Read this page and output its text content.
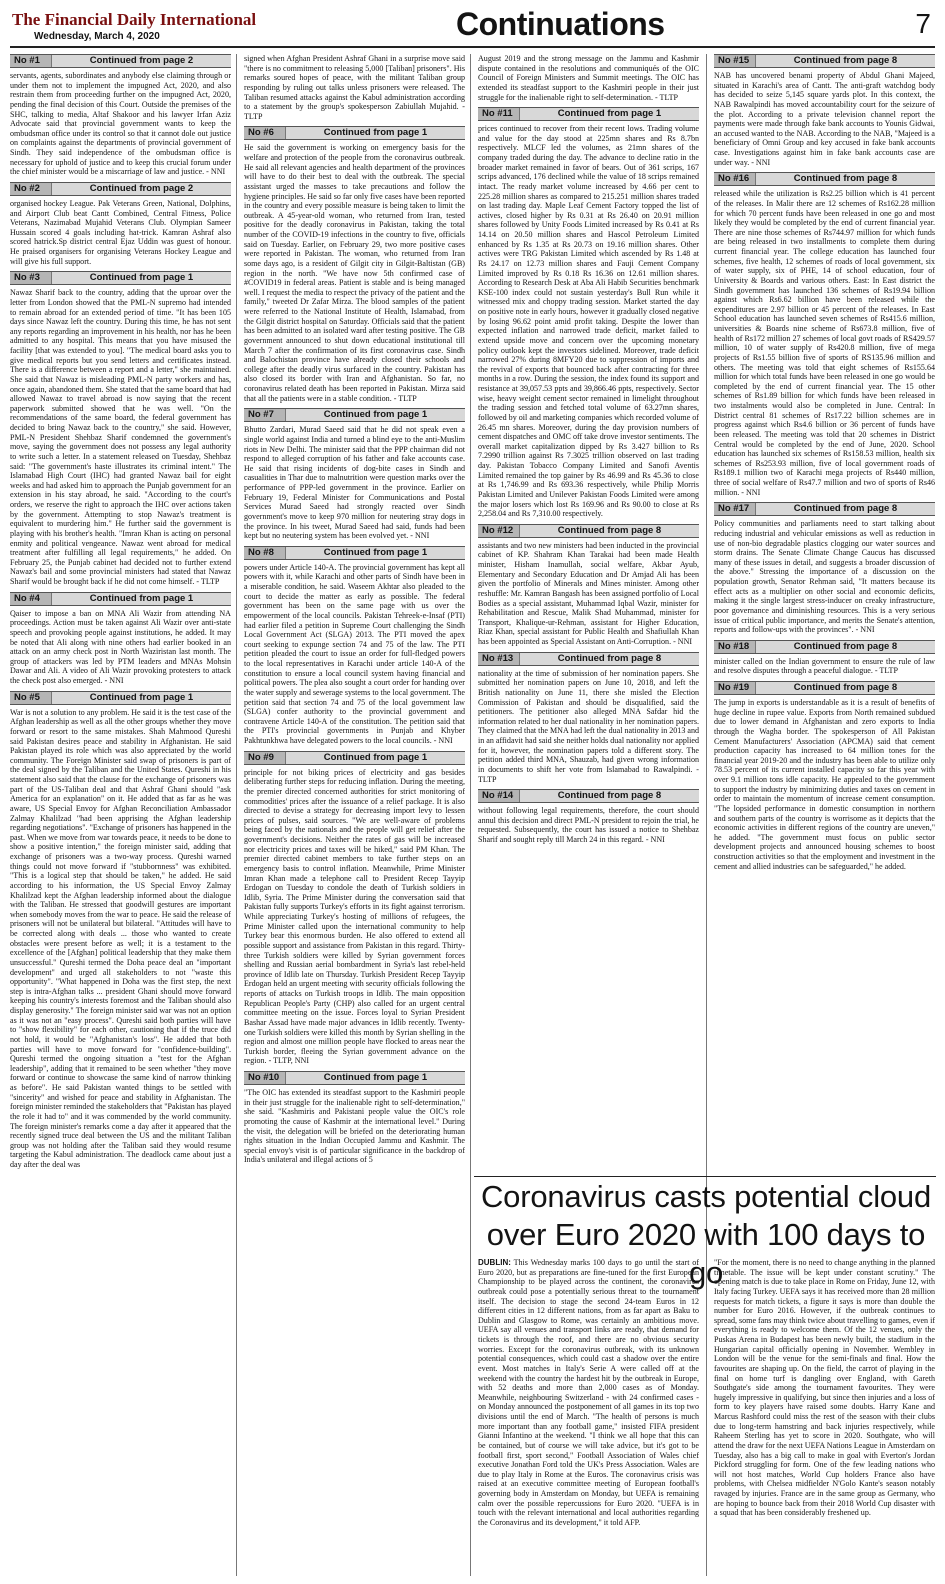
The Financial Daily International
Wednesday, March 4, 2020	Continuations	7
No #1	Continued from page 2

servants, agents, subordinates and anybody else claiming through or under them not to implement the impugned Act, 2020, and also restrain them from proceeding further on the impugned Act, 2020, pending the final decision of this Court. Outside the premises of the SHC, talking to media, Altaf Shakoor and his lawyer Irfan Aziz Advocate said that provincial government wants to keep the ombudsman office under its control so that it cannot dole out justice on complaints against the departments of provincial government of Sindh. They said independence of the ombudsman office is necessary for uphold of justice and to keep this crucial forum under the chief minister would be a miscarriage of law and justice. - NNI

No #2	Continued from page 2

organised hockey League. Pak Veterans Green, National, Dolphins, and Airport Club beat Cantt Combined, Central Fitness, Police Veterans, Nazimabad Mujahid Veterans Club. Olympian Sameer Hussain scored 4 goals including hat-trick. Kamran Ashraf also scored hatrick.Sp district central Ejaz Uddin was guest of honour. He praised organisers for organising Veterans Hockey League and will give his full support.

No #3	Continued from page 1

Nawaz Sharif back to the country, adding that the uproar over the letter from London showed that the PML-N supremo had intended to remain abroad for an extended period of time. "It has been 105 days since Nawaz left the country. During this time, he has not sent any reports regarding an improvement in his health, nor has he been admitted to any hospital. This means that you have misused the facility [that was extended to you]. "The medical board asks you to give medical reports but you send letters and certificates instead. There is a difference between a report and a letter," she maintained. She said that Nawaz is misleading PML-N party workers and has, once again, abandoned them. She stated that the same board that had allowed Nawaz to travel abroad is now saying that the recent paperwork submitted showed that he was well. "On the recommendations of the same board, the federal government has decided to bring Nawaz back to the country," she said. However, PML-N President Shehbaz Sharif condemned the government's move, saying the government does not possess any legal authority to write such a letter. In a statement released on Tuesday, Shehbaz said: "The government's haste illustrates its criminal intent." The Islamabad High Court (IHC) had granted Nawaz bail for eight weeks and had asked him to approach the Punjab government for an extension in his stay abroad, he said. "According to the court's orders, we reserve the right to approach the IHC over actions taken by the government. Attempting to stop Nawaz's treatment is equivalent to murdering him." He further said the government is playing with his brother's health. "Imran Khan is acting on personal enmity and political vengeance. Nawaz went abroad for medical treatment after fulfilling all legal requirements," he added. On February 25, the Punjab cabinet had decided not to further extend Nawaz's bail and some provincial ministers had stated that Nawaz Sharif would be brought back if he did not come himself. - TLTP

No #4	Continued from page 1

Qaiser to impose a ban on MNA Ali Wazir from attending NA proceedings. Action must be taken against Ali Wazir over anti-state speech and provoking people against institutions, he added. It may be noted that Ali along with nine others had earlier booked in an attack on an army check post in North Waziristan last month. The group of attackers was led by PTM leaders and MNAs Mohsin Dawar and Ali. A video of Ali Wazir provoking protesters to attack the check post also emerged. - NNI

No #5	Continued from page 1

War is not a solution to any problem. He said it is the test case of the Afghan leadership as well as all the other groups whether they move forward or resort to the same mistakes. Shah Mahmood Qureshi said Pakistan desires peace and stability in Afghanistan. He said Pakistan played its role which was also appreciated by the world community. The Foreign Minister said swap of prisoners is part of the deal signed by the Taliban and the United States. Qureshi in his statement also said that the clause for the exchange of prisoners was part of the US-Taliban deal and that Ashraf Ghani should "ask America for an explanation" on it. He added that as far as he was aware, US Special Envoy for Afghan Reconciliation Ambassador Zalmay Khalilzad "had been apprising the Afghan leadership regarding negotiations". "Exchange of prisoners has happened in the past. When we move from war towards peace, it needs to be done to show a positive intention," the foreign minister said, adding that exchange of prisoners was a two-way process. Qureshi warned things could not move forward if "stubbornness" was exhibited. "This is a logical step that should be taken," he added. He said according to his information, the US Special Envoy Zalmay Khalilzad kept the Afghan leadership informed about the dialogue with the Taliban. He stressed that goodwill gestures are important when somebody moves from the war to peace. He said the release of prisoners will not be unilateral but bilateral. "Attitudes will have to be corrected along with deals ... those who wanted to create obstacles were present before as well; it is a testament to the excellence of the [Afghan] political leadership that they make them unsuccessful." Qureshi termed the Doha peace deal an "important development" and urged all stakeholders to not "waste this opportunity". "What happened in Doha was the first step, the next step is intra-Afghan talks ... president Ghani should move forward keeping his country's interests foremost and the Taliban should also display generosity." The foreign minister said war was not an option as it was not an "easy process". Qureshi said both parties will have to "show flexibility" for each other, cautioning that if the truce did not hold, it would be "Afghanistan's loss". He added that both parties will have to move forward for "confidence-building". Qureshi termed the ongoing situation a "test for the Afghan leadership", adding that it remained to be seen whether "they move forward or continue to showcase the same kind of narrow thinking as before". He said Pakistan wanted things to be settled with "sincerity" and wished for peace and stability in Afghanistan. The foreign minister reminded the stakeholders that "Pakistan has played the role it had to" and it was commended by the world community. The foreign minister's remarks come a day after it appeared that the recently signed truce deal between the US and the militant Taliban group was not holding after the Taliban said they would resume targeting the Kabul administration. The deadlock came about just a day after the deal was

signed when Afghan President Ashraf Ghani in a surprise move said "there is no commitment to releasing 5,000 [Taliban] prisoners". His remarks soured hopes of peace, with the militant Taliban group responding by ruling out talks unless prisoners were released. The Taliban resumed attacks against the Kabul administration according to a statement by the group's spokesperson Zabiullah Mujahid. - TLTP

No #6	Continued from page 1

He said the government is working on emergency basis for the welfare and protection of the people from the coronavirus outbreak. He said all relevant agencies and health department of the provinces will have to do their best to deal with the outbreak. The special assistant urged the masses to take precautions and follow the hygiene principles. He said so far only five cases have been reported in the country and every possible measure is being taken to limit the outbreak. A 45-year-old woman, who returned from Iran, tested positive for the deadly coronavirus in Pakistan, taking the total number of the COVID-19 infections in the country to five, officials said on Tuesday. Earlier, on February 29, two more positive cases were reported in Pakistan. The woman, who returned from Iran some days ago, is a resident of Gilgit city in Gilgit-Baltistan (GB) region in the north. "We have now 5th confirmed case of #COVID19 in federal areas. Patient is stable and is being managed well. I request the media to respect the privacy of the patient and the family," tweeted Dr Zafar Mirza. The blood samples of the patient were referred to the National Institute of Health, Islamabad, from the Gilgit district hospital on Saturday. Officials said that the patient has been admitted to an isolated ward after testing positive. The GB government announced to shut down educational institutional till March 7 after the confirmation of its first coronavirus case. Sindh and Balochistan province have already closed their schools and college after the deadly virus surfaced in the country. Pakistan has also closed its border with Iran and Afghanistan. So far, no coronavirus related death has been reported in Pakistan. Mirza said that all the patients were in a stable condition. - TLTP

No #7	Continued from page 1

Bhutto Zardari, Murad Saeed said that he did not speak even a single world against India and turned a blind eye to the anti-Muslim riots in New Delhi. The minister said that the PPP chairman did not respond to alleged corruption of his father and fake accounts case. He said that rising incidents of dog-bite cases in Sindh and casualities in Thar due to malnutrition were question marks over the performance of PPP-led government in the province. Earlier on February 19, Federal Minister for Communications and Postal Services Murad Saeed had strongly reacted over Sindh government's move to keep 970 million for neutering stray dogs in the province. In his tweet, Murad Saeed had said, funds had been kept but no neutering system has been evolved yet. - NNI

No #8	Continued from page 1

powers under Article 140-A. The provincial government has kept all powers with it, while Karachi and other parts of Sindh have been in a miserable condition, he said. Waseem Akhtar also pleaded to the court to decide the matter as early as possible. The federal government has been on the same page with us over the empowerment of the local councils. Pakistan Tehreek-e-Insaf (PTI) had earlier filed a petition in Supreme Court challenging the Sindh Local Government Act (SLGA) 2013. The PTI moved the apex court seeking to expunge section 74 and 75 of the law. The PTI petition pleaded the court to issue an order for full-fledged powers to the local representatives in Karachi under article 140-A of the constitution to ensure a local council system having financial and political powers. The plea also sought a court order for handing over the water supply and sewerage systems to the local government. The petition said that section 74 and 75 of the local government law (SLGA) confer authority to the provincial government and contravene Article 140-A of the constitution. The petition said that the PTI's provincial governments in Punjab and Khyber Pakhtunkhwa have delegated powers to the local councils. - NNI

No #9	Continued from page 1

principle for not biking prices of electricity and gas besides deliberating further steps for reducing inflation. During the meeting, the premier directed concerned authorities for strict monitoring of commodities' prices after the issuance of a relief package. It is also directed to devise a strategy for decreasing import levy to lessen prices of pulses, said sources. "We are well-aware of problems being faced by the nationals and the people will get relief after the government's decisions. Neither the rates of gas will be increased nor electricity prices and taxes will be hiked," said PM Khan. The premier directed cabinet members to take further steps on an emergency basis to control inflation. Meanwhile, Prime Minister Imran Khan made a telephone call to President Recep Tayyip Erdogan on Tuesday to condole the death of Turkish soldiers in Idlib, Syria. The Prime Minister during the conversation said that Pakistan fully supports Turkey's efforts in its fight against terrorism. While appreciating Turkey's hosting of millions of refugees, the Prime Minister called upon the international community to help Turkey bear this enormous burden. He also offered to extend all possible support and assistance from Pakistan in this regard. Thirty-three Turkish soldiers were killed by Syrian government forces shelling and Russian aerial bombardment in Syria's last rebel-held province of Idlib late on Thursday. Turkish President Recep Tayyip Erdogan held an urgent meeting with security officials following the reports of attacks on Turkish troops in Idlib. The main opposition Republican People's Party (CHP) also called for an urgent central committee meeting on the issue. Forces loyal to Syrian President Bashar Assad have made major advances in Idlib recently. Twenty-one Turkish soldiers were killed this month by Syrian shelling in the region and almost one million people have flocked to areas near the Turkish border, fleeing the Syrian government advance on the region. - TLTP, NNI

No #10	Continued from page 1

"The OIC has extended its steadfast support to the Kashmiri people in their just struggle for the inalienable right to self-determination," she said. "Kashmiris and Pakistani people value the OIC's role promoting the cause of Kashmir at the international level." During the visit, the delegation will be briefed on the deteriorating human rights situation in the Indian Occupied Jammu and Kashmir. The special envoy's visit is of particular significance in the backdrop of India's unilateral and illegal actions of 5

August 2019 and the strong message on the Jammu and Kashmir dispute contained in the resolutions and communiqués of the OIC Council of Foreign Ministers and Summit meetings. The OIC has extended its steadfast support to the Kashmiri people in their just struggle for the inalienable right to self-determination. - TLTP

No #11	Continued from page 1

prices continued to recover from their recent lows. Trading volume and value for the day stood at 225mn shares and Rs 8.7bn respectively. MLCF led the volumes, as 21mn shares of the company traded during the day. The advance to decline ratio in the broader market remained in favor of bears. Out of 361 scrips, 167 scrips advanced, 176 declined while the value of 18 scrips remained intact. The ready market volume increased by 4.66 per cent to 225.28 million shares as compared to 215.251 million shares traded on last trading day. Maple Leaf Cement Factory topped the list of actives, closed higher by Rs 0.31 at Rs 26.40 on 20.91 million shares followed by Unity Foods Limited increased by Rs 0.41 at Rs 14.14 on 20.50 million shares and Hascol Petroleum Limited enhanced by Rs 1.35 at Rs 20.73 on 19.16 million shares. Other actives were TRG Pakistan Limited which ascended by Rs 1.48 at Rs 24.17 on 12.73 million shares and Fauji Cement Company Limited improved by Rs 0.18 Rs 16.36 on 12.61 million shares. According to Research Desk at Aba Ali Habib Securities benchmark KSE-100 index could not sustain yesterday's Bull Run while it witnessed mix and choppy trading session. Market started the day on positive note in early hours, however it gradually closed negative by losing 96.62 point amid profit taking. Despite the lower than expected inflation and narrowed trade deficit, market failed to extend upside move and concern over the upcoming monetary policy outlook kept the investors sidelined. Moreover, trade deficit narrowed 27% during 8MFY20 due to suppression of imports and the revival of exports that bounced back after contracting for three months in a row. During the session, the index found its support and resistance at 39,057.53 ppts and 39,866.46 ppts, respectively. Sector wise, heavy weight cement sector remained in limelight throughout the trading session and fetched total volume of 63.27mn shares, followed by oil and marketing companies which recorded volume of 26.45 mn shares. Moreover, during the day provision numbers of cement dispatches and OMC off take drove investor sentiments. The overall market capitalization dipped by Rs 3.427 billion to Rs 7.2990 trillion against Rs 7.3025 trillion observed on last trading day. Pakistan Tobacco Company Limited and Sanofi Aventis Limited remained the top gainer by Rs 46.99 and Rs 45.36 to close at Rs 1,746.99 and Rs 693.36 respectively, while Philip Morris Pakistan Limited and Unilever Pakistan Foods Limited were among the major losers which lost Rs 169.96 and Rs 90.00 to close at Rs 2,258.04 and Rs 7,310.00 respectively.

No #12	Continued from page 8

assistants and two new ministers had been inducted in the provincial cabinet of KP. Shahram Khan Tarakai had been made Health minister, Hisham Inamullah, social welfare, Akbar Ayub, Elementary and Secondary Education and Dr Amjad Ali has been given the portfolio of Minerals and Mines minister. Among other reshuffle: Mr. Kamran Bangash has been assigned portfolio of Local Bodies as a special assistant, Muhammad Iqbal Wazir, minister for Rehabilitation and Rescue, Malik Shad Muhammad, minister for Transport, Khalique-ur-Rehman, assistant for Higher Education, Riaz Khan, special assistant for Public Health and Shafiullah Khan has been appointed as Special Assistant on Anti-Corruption. - NNI

No #13	Continued from page 8

nationality at the time of submission of her nomination papers. She submitted her nomination papers on June 10, 2018, and left the British nationality on June 11, there she misled the Election Commission of Pakistan and should be disqualified, said the petitioners. The petitioner also alleged MNA Safdar hid the information related to her dual nationality in her nomination papers. They claimed that the MNA had left the dual nationality in 2013 and in an affidavit had said she neither holds dual nationality nor applied for it, however, the nomination papers told a different story. The petition added third MNA, Shauzab, had given wrong information in documents to shift her vote from Islamabad to Rawalpindi. - TLTP

No #14	Continued from page 8

without following legal requirements, therefore, the court should annul this decision and direct PML-N president to rejoin the trial, he requested. Subsequently, the court has issued a notice to Shehbaz Sharif and sought reply till March 24 in this regard. - NNI

No #15	Continued from page 8

NAB has uncovered benami property of Abdul Ghani Majeed, situated in Karachi's area of Cantt. The anti-graft watchdog body has decided to seize 5,145 square yards plot. In this context, the NAB Rawalpindi has moved accountability court for the seizure of the plot. According to a private television channel report the payments were made through fake bank accounts to Younis Gidwai, an accused wanted to the NAB. According to the NAB, "Majeed is a beneficiary of Omni Group and key accused in fake bank accounts case. Investigations against him in fake bank accounts case are under way. - NNI

No #16	Continued from page 8

released while the utilization is Rs2.25 billion which is 41 percent of the releases. In Malir there are 12 schemes of Rs162.28 million for which 70 percent funds have been released in one go and most likely they would be completed by the end of current financial year. There are nine those schemes of Rs744.97 million for which funds are being released in two installments to complete them during current financial year. The college education has launched four schemes, five health, 12 schemes of roads of local government, six of water supply, six of PHE, 14 of school education, four of University & Boards and various others. East: In East district the Sindh government has launched 136 schemes of Rs19.94 billion against which Rs6.62 billion have been released while the expenditures are 2.97 billion or 45 percent of the releases. In East School education has launched seven schemes of Rs415.6 million, universities & Boards nine scheme of Rs673.8 million, five of health of Rs172 million 27 schemes of local govt roads of RS429.57 million, 10 of water supply of Rs420.8 million, five of mega projects of Rs1.55 billion five of sports of RS135.96 million and others. The meeting was told that eight schemes of Rs155.64 million for which total funds have been released in one go would be completed by the end of current financial year. The 15 other schemes of Rs1.89 billion for which funds have been released in two instalments would also be completed in June. Central: In District central 81 schemes of Rs17.22 billion schemes are in progress against which Rs4.6 billion or 36 percent of funds have been released. The meeting was told that 20 schemes in District Central would be completed by the end of June, 2020. School education has launched six schemes of Rs158.53 million, health six schemes of Rs253.93 million, five of local government roads of Rs189.1 million two of Karachi mega projects of Rs440 million, three of social welfare of Rs47.7 million and two of sports of Rs46 million. - NNI

No #17	Continued from page 8

Policy communities and parliaments need to start talking about reducing industrial and vehicular emissions as well as reduction in use of non-bio degradable plastics clogging our water sources and storm drains. The Senate Climate Change Caucus has discussed many of these issues in detail, and suggests a broader discussion of the above." Stressing the importance of a discussion on the population growth, Senator Rehman said, "It matters because its effect acts as a multiplier on other social and economic deficits, making it the single largest stress-inducer on creaky infrastructure, poor governance and diminishing resources. This is a very serious issue of critical public importance, and merits the Senate's attention, reports and follow-ups with the provinces". - NNI

No #18	Continued from page 8

minister called on the Indian government to ensure the rule of law and resolve disputes through a peaceful dialogue. - TLTP

No #19	Continued from page 8

The jump in exports is understandable as it is a result of benefits of huge decline in rupee value. Exports from North remained subdued due to lower demand in Afghanistan and zero exports to India through the Wagha border. The spokesperson of All Pakistan Cement Manufacturers' Association (APCMA) said that cement production capacity has increased to 64 million tones for the financial year 2019-20 and the industry has been able to utilize only 78.53 percent of its current installed capacity so far this year with over 9.1 million tons idle capacity. He appealed to the government to support the industry by minimizing duties and taxes on cement in order to maintain the momentum of increase cement consumption. "The lopsided performance in domestic consumption in northern and southern parts of the country is worrisome as it depicts that the economic activities in different regions of the country are uneven," he added. "The government must focus on public sector development projects and announced housing schemes to boost construction activities so that the employment and investment in the cement and allied industries can be safeguarded," he added.

Coronavirus casts potential cloud over Euro 2020 with 100 days to go
DUBLIN: This Wednesday marks 100 days to go until the start of Euro 2020, but as preparations are fine-tuned for the first European Championship to be played across the continent, the coronavirus outbreak could pose a potentially serious threat to the tournament itself. The decision to stage the second 24-team Euros in 12 different cities in 12 different nations, from as far apart as Baku to Dublin and Glasgow to Rome, was certainly an ambitious move. UEFA say all venues and transport links are ready, that demand for tickets is through the roof, and there are no obvious security worries. Except for the coronavirus outbreak, with its unknown potential consequences, which could cast a shadow over the entire event. Most matches in Italy's Serie A were called off at the weekend with the country the hardest hit by the outbreak in Europe, with 52 deaths and more than 2,000 cases as of Monday. Meanwhile, neighbouring Switzerland - with 24 confirmed cases - on Monday announced the postponement of all games in its top two divisions until the end of March. "The health of persons is much more important than any football game," insisted FIFA president Gianni Infantino at the weekend. "I think we all hope that this can be contained, but of course we will take advice, but it's got to be football first, sport second," Football Association of Wales chief executive Jonathan Ford told the UK's Press Association. Wales are due to play Italy in Rome at the Euros. The coronavirus crisis was raised at an executive committee meeting of European football's governing body in Amsterdam on Monday, but UEFA is remaining calm over the possible repercussions for Euro 2020. "UEFA is in touch with the relevant international and local authorities regarding the Coronavirus and its development," it told AFP.
"For the moment, there is no need to change anything in the planned timetable. The issue will be kept under constant scrutiny." The opening match is due to take place in Rome on Friday, June 12, with Italy facing Turkey. UEFA says it has received more than 28 million requests for match tickets, a figure it says is more than double the number for Euro 2016. However, if the outbreak continues to spread, some fans may think twice about travelling to games, even if everything is ready to welcome them. Of the 12 venues, only the Puskas Arena in Budapest has been newly built, the stadium in the Hungarian capital officially opening in November. Wembley in London will be the venue for the semi-finals and final. How the favourites are shaping up. On the field, the carrot of playing in the final on home turf is dangling over England, with Gareth Southgate's side among the tournament favourites. They were hugely impressive in qualifying, but since then injuries and a loss of form to key players have raised some doubts. Harry Kane and Marcus Rashford could miss the rest of the season with their clubs due to long-term hamstring and back injuries respectively, while Raheem Sterling has yet to score in 2020. Southgate, who will attend the draw for the next UEFA Nations League in Amsterdam on Tuesday, also has a big call to make in goal with Everton's Jordan Pickford struggling for form. One of the few leading nations who will not host matches, World Cup holders France also have problems, with Chelsea midfielder N'Golo Kante's season notably ravaged by injuries. France are in the same group as Germany, who are hoping to bounce back from their 2018 World Cup disaster with a squad that has been considerably freshened up.
